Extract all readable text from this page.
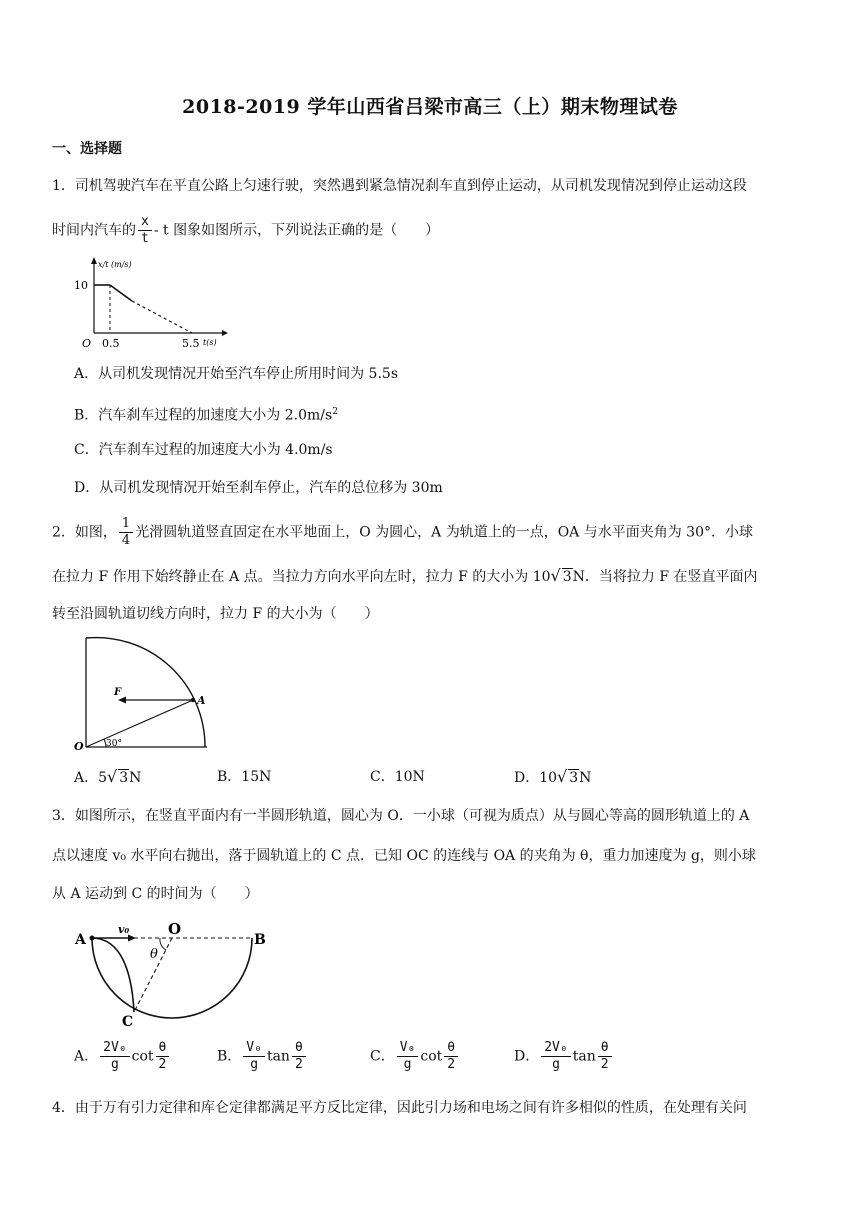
2018-2019 学年山西省吕梁市高三（上）期末物理试卷
一、选择题
1．司机驾驶汽车在平直公路上匀速行驶，突然遇到紧急情况刹车直到停止运动，从司机发现情况到停止运动这段
时间内汽车的 $\frac{x}{t}$ - t 图象如图所示，下列说法正确的是（　　）
x/t (m/s)
10
O 0.5	5.5 t(s)
A．从司机发现情况开始至汽车停止所用时间为 5.5s
B．汽车刹车过程的加速度大小为 $2.0m/s^2$
C．汽车刹车过程的加速度大小为 4.0m/s
D．从司机发现情况开始至刹车停止，汽车的总位移为 30m
2．如图， $\frac{1}{4}$ 光滑圆轨道竖直固定在水平地面上，O 为圆心，A 为轨道上的一点，OA 与水平面夹角为 30°．小球
在拉力 F 作用下始终静止在 A 点。当拉力方向水平向左时，拉力 F 的大小为 10√ 3N．当将拉力 F 在竖直平面内
转至沿圆轨道切线方向时，拉力 F 的大小为（　　）
F
A
O 30°
A．5√ 3N	B．15N	C．10N	D．10√ 3N
3．如图所示，在竖直平面内有一半圆形轨道，圆心为 O．一小球（可视为质点）从与圆心等高的圆形轨道上的 A
点以速度 v₀ 水平向右抛出，落于圆轨道上的 C 点．已知 OC 的连线与 OA 的夹角为 θ，重力加速度为 g，则小球
从 A 运动到 C 的时间为（　　）
A
v₀	O
B
θ
C
A． $\frac{\text{2V₀}}{g}$ $\cot \frac{\theta}{2}$	B． $\frac{\text{V₀}}{g}$ $\tan \frac{\theta}{2}$	C． $\frac{\text{V₀}}{g}$ $\cot \frac{\theta}{2}$	D． $\frac{\text{2V₀}}{g}$ $\tan \frac{\theta}{2}$
4．由于万有引力定律和库仑定律都满足平方反比定律，因此引力场和电场之间有许多相似的性质，在处理有关问
